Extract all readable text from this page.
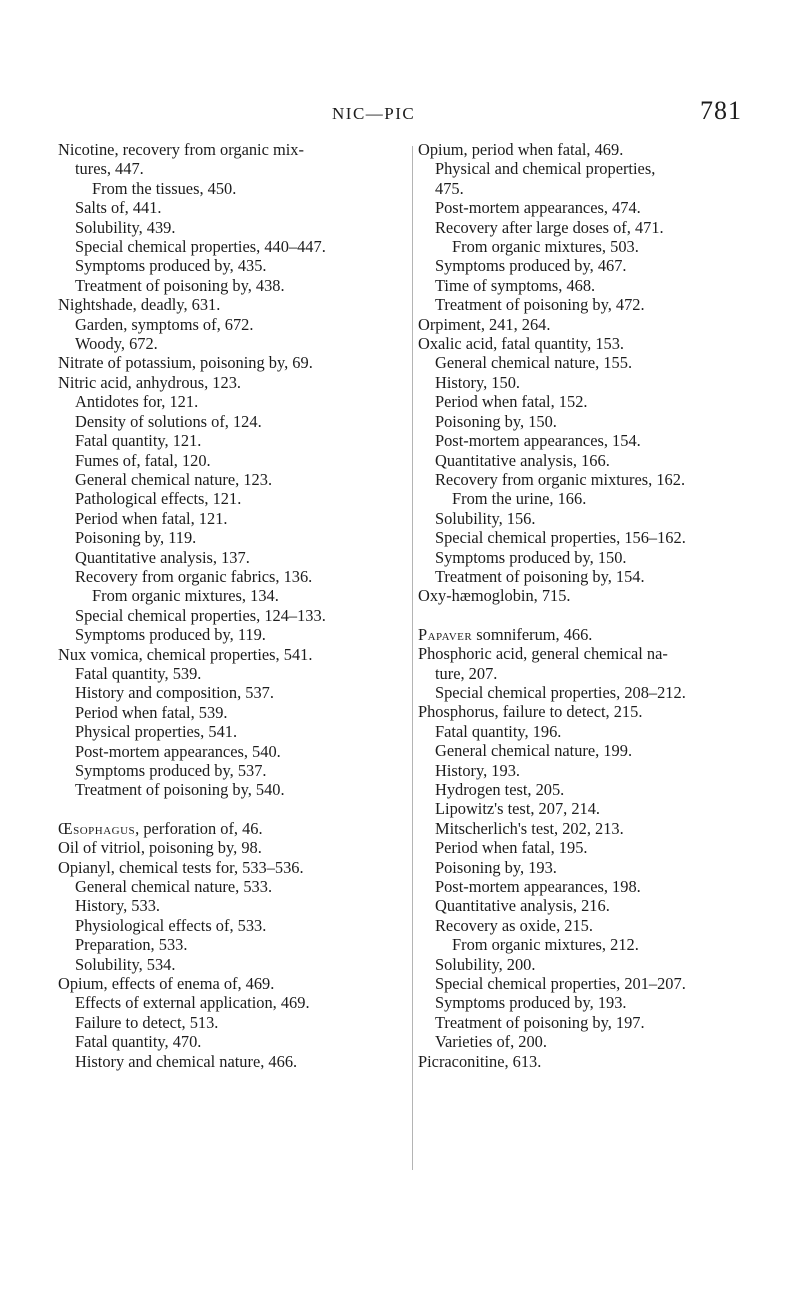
NIC—PIC	781
Nicotine, recovery from organic mix-
tures, 447.
From the tissues, 450.
Salts of, 441.
Solubility, 439.
Special chemical properties, 440–447.
Symptoms produced by, 435.
Treatment of poisoning by, 438.
Nightshade, deadly, 631.
Garden, symptoms of, 672.
Woody, 672.
Nitrate of potassium, poisoning by, 69.
Nitric acid, anhydrous, 123.
Antidotes for, 121.
Density of solutions of, 124.
Fatal quantity, 121.
Fumes of, fatal, 120.
General chemical nature, 123.
Pathological effects, 121.
Period when fatal, 121.
Poisoning by, 119.
Quantitative analysis, 137.
Recovery from organic fabrics, 136.
From organic mixtures, 134.
Special chemical properties, 124–133.
Symptoms produced by, 119.
Nux vomica, chemical properties, 541.
Fatal quantity, 539.
History and composition, 537.
Period when fatal, 539.
Physical properties, 541.
Post-mortem appearances, 540.
Symptoms produced by, 537.
Treatment of poisoning by, 540.
Œsophagus, perforation of, 46.
Oil of vitriol, poisoning by, 98.
Opianyl, chemical tests for, 533–536.
General chemical nature, 533.
History, 533.
Physiological effects of, 533.
Preparation, 533.
Solubility, 534.
Opium, effects of enema of, 469.
Effects of external application, 469.
Failure to detect, 513.
Fatal quantity, 470.
History and chemical nature, 466.
Opium, period when fatal, 469.
Physical and chemical properties,
475.
Post-mortem appearances, 474.
Recovery after large doses of, 471.
From organic mixtures, 503.
Symptoms produced by, 467.
Time of symptoms, 468.
Treatment of poisoning by, 472.
Orpiment, 241, 264.
Oxalic acid, fatal quantity, 153.
General chemical nature, 155.
History, 150.
Period when fatal, 152.
Poisoning by, 150.
Post-mortem appearances, 154.
Quantitative analysis, 166.
Recovery from organic mixtures, 162.
From the urine, 166.
Solubility, 156.
Special chemical properties, 156–162.
Symptoms produced by, 150.
Treatment of poisoning by, 154.
Oxy-hæmoglobin, 715.
Papaver somniferum, 466.
Phosphoric acid, general chemical na-
ture, 207.
Special chemical properties, 208–212.
Phosphorus, failure to detect, 215.
Fatal quantity, 196.
General chemical nature, 199.
History, 193.
Hydrogen test, 205.
Lipowitz's test, 207, 214.
Mitscherlich's test, 202, 213.
Period when fatal, 195.
Poisoning by, 193.
Post-mortem appearances, 198.
Quantitative analysis, 216.
Recovery as oxide, 215.
From organic mixtures, 212.
Solubility, 200.
Special chemical properties, 201–207.
Symptoms produced by, 193.
Treatment of poisoning by, 197.
Varieties of, 200.
Picraconitine, 613.
